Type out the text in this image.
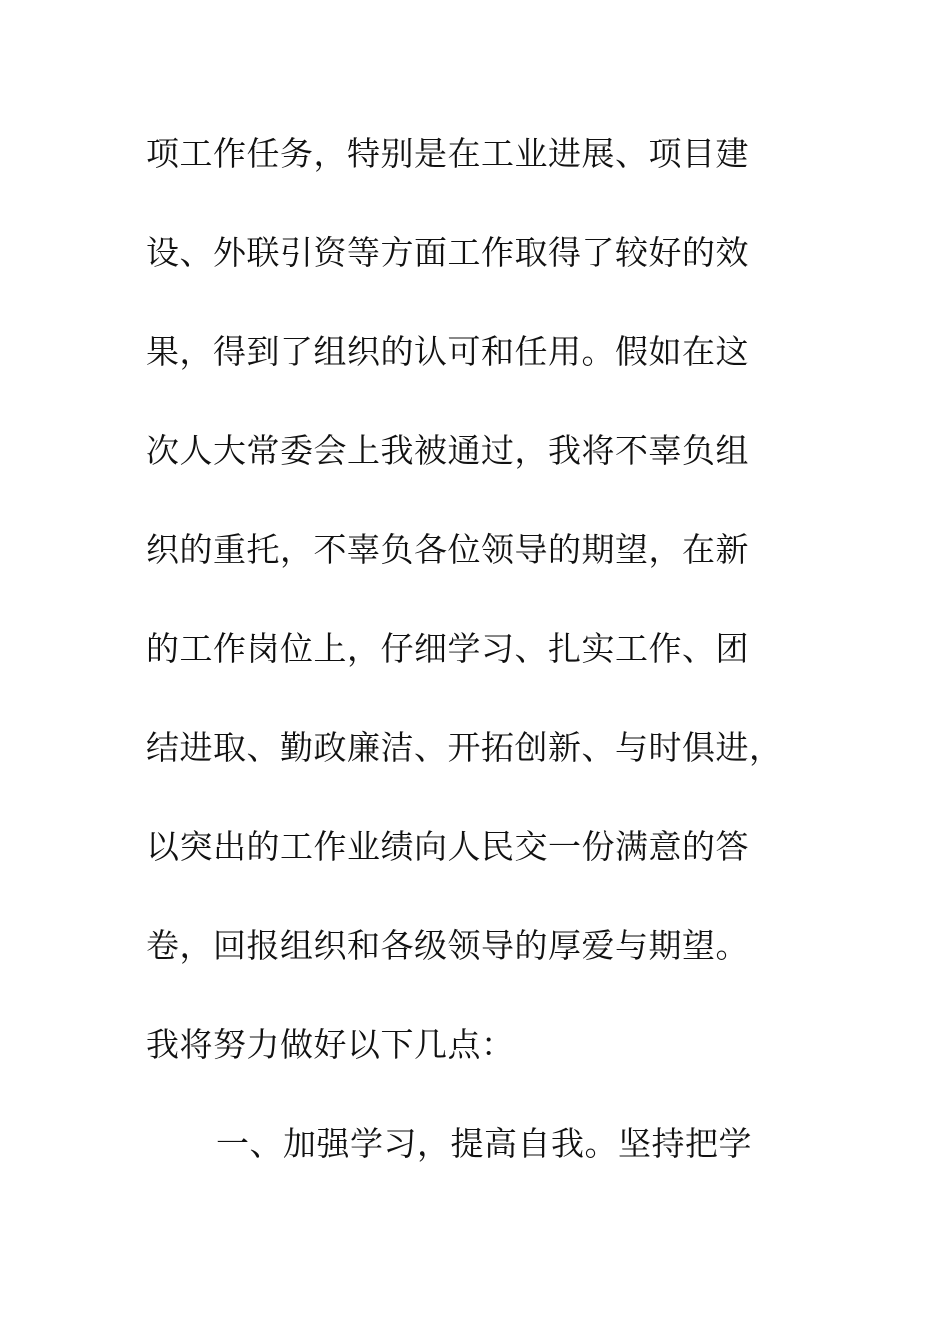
项工作任务，特别是在工业进展、项目建
设、外联引资等方面工作取得了较好的效
果，得到了组织的认可和任用。假如在这
次人大常委会上我被通过，我将不辜负组
织的重托，不辜负各位领导的期望，在新
的工作岗位上，仔细学习、扎实工作、团
结进取、勤政廉洁、开拓创新、与时俱进，
以突出的工作业绩向人民交一份满意的答
卷，回报组织和各级领导的厚爱与期望。
我将努力做好以下几点：
一、加强学习，提高自我。坚持把学
